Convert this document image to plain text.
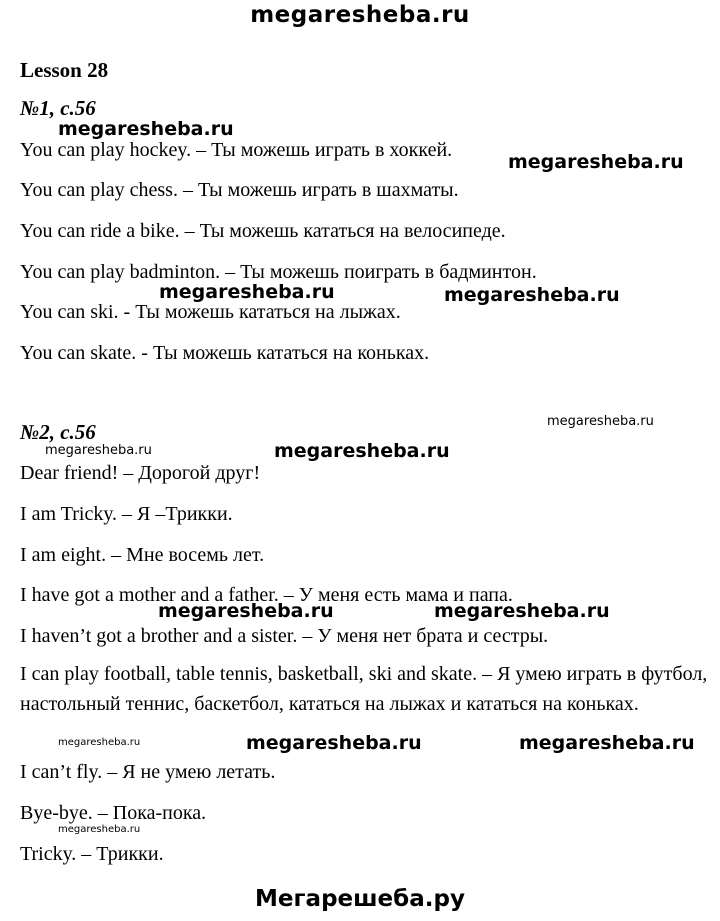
megaresheba.ru
Lesson 28
№1, с.56
You can play hockey. – Ты можешь играть в хоккей.
You can play chess. – Ты можешь играть в шахматы.
You can ride a bike. – Ты можешь кататься на велосипеде.
You can play badminton. – Ты можешь поиграть в бадминтон.
You can ski. - Ты можешь кататься на лыжах.
You can skate. - Ты можешь кататься на коньках.
№2, с.56
Dear friend! – Дорогой друг!
I am Tricky. – Я –Трикки.
I am eight. – Мне восемь лет.
I have got a mother and a father. – У меня есть мама и папа.
I haven’t got a brother and a sister. – У меня нет брата и сестры.
I can play football, table tennis, basketball, ski and skate. – Я умею играть в футбол, настольный теннис, баскетбол, кататься на лыжах и кататься на коньках.
I can’t fly. – Я не умею летать.
Bye-bye. – Пока-пока.
Tricky. – Трикки.
megaresheba.ru
megaresheba.ru
megaresheba.ru	megaresheba.ru
megaresheba.ru
megaresheba.ru	megaresheba.ru
megaresheba.ru	megaresheba.ru
megaresheba.ru	megaresheba.ru	megaresheba.ru
megaresheba.ru
Мегарешеба.ру
